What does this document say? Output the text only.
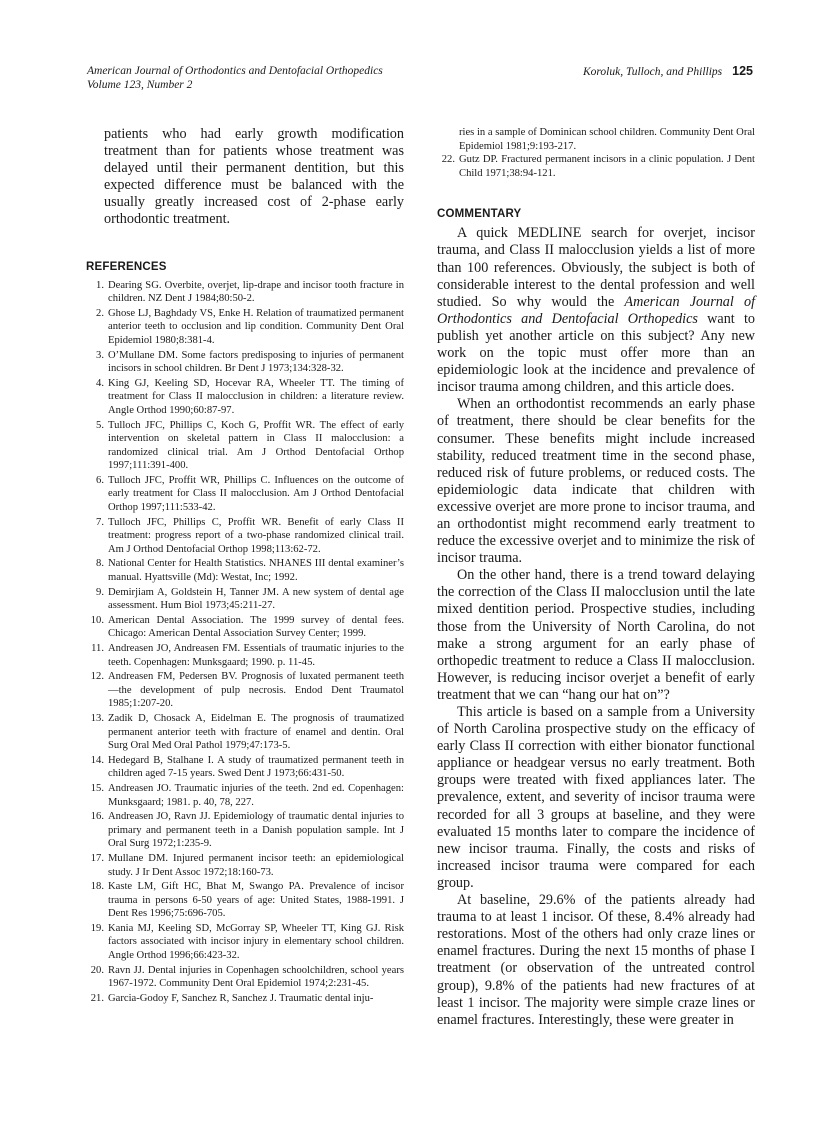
American Journal of Orthodontics and Dentofacial Orthopedics
Volume 123, Number 2
Koroluk, Tulloch, and Phillips 125

patients who had early growth modification treatment than for patients whose treatment was delayed until their permanent dentition, but this expected difference must be balanced with the usually greatly increased cost of 2-phase early orthodontic treatment.

REFERENCES
1. Dearing SG. Overbite, overjet, lip-drape and incisor tooth fracture in children. NZ Dent J 1984;80:50-2.
2. Ghose LJ, Baghdady VS, Enke H. Relation of traumatized permanent anterior teeth to occlusion and lip condition. Community Dent Oral Epidemiol 1980;8:381-4.
3. O’Mullane DM. Some factors predisposing to injuries of permanent incisors in school children. Br Dent J 1973;134:328-32.
4. King GJ, Keeling SD, Hocevar RA, Wheeler TT. The timing of treatment for Class II malocclusion in children: a literature review. Angle Orthod 1990;60:87-97.
5. Tulloch JFC, Phillips C, Koch G, Proffit WR. The effect of early intervention on skeletal pattern in Class II malocclusion: a randomized clinical trial. Am J Orthod Dentofacial Orthop 1997;111:391-400.
6. Tulloch JFC, Proffit WR, Phillips C. Influences on the outcome of early treatment for Class II malocclusion. Am J Orthod Dentofacial Orthop 1997;111:533-42.
7. Tulloch JFC, Phillips C, Proffit WR. Benefit of early Class II treatment: progress report of a two-phase randomized clinical trail. Am J Orthod Dentofacial Orthop 1998;113:62-72.
8. National Center for Health Statistics. NHANES III dental examiner’s manual. Hyattsville (Md): Westat, Inc; 1992.
9. Demirjiam A, Goldstein H, Tanner JM. A new system of dental age assessment. Hum Biol 1973;45:211-27.
10. American Dental Association. The 1999 survey of dental fees. Chicago: American Dental Association Survey Center; 1999.
11. Andreasen JO, Andreasen FM. Essentials of traumatic injuries to the teeth. Copenhagen: Munksgaard; 1990. p. 11-45.
12. Andreasen FM, Pedersen BV. Prognosis of luxated permanent teeth—the development of pulp necrosis. Endod Dent Traumatol 1985;1:207-20.
13. Zadik D, Chosack A, Eidelman E. The prognosis of traumatized permanent anterior teeth with fracture of enamel and dentin. Oral Surg Oral Med Oral Pathol 1979;47:173-5.
14. Hedegard B, Stalhane I. A study of traumatized permanent teeth in children aged 7-15 years. Swed Dent J 1973;66:431-50.
15. Andreasen JO. Traumatic injuries of the teeth. 2nd ed. Copenhagen: Munksgaard; 1981. p. 40, 78, 227.
16. Andreasen JO, Ravn JJ. Epidemiology of traumatic dental injuries to primary and permanent teeth in a Danish population sample. Int J Oral Surg 1972;1:235-9.
17. Mullane DM. Injured permanent incisor teeth: an epidemiological study. J Ir Dent Assoc 1972;18:160-73.
18. Kaste LM, Gift HC, Bhat M, Swango PA. Prevalence of incisor trauma in persons 6-50 years of age: United States, 1988-1991. J Dent Res 1996;75:696-705.
19. Kania MJ, Keeling SD, McGorray SP, Wheeler TT, King GJ. Risk factors associated with incisor injury in elementary school children. Angle Orthod 1996;66:423-32.
20. Ravn JJ. Dental injuries in Copenhagen schoolchildren, school years 1967-1972. Community Dent Oral Epidemiol 1974;2:231-45.
21. Garcia-Godoy F, Sanchez R, Sanchez J. Traumatic dental inju-
ries in a sample of Dominican school children. Community Dent Oral Epidemiol 1981;9:193-217.
22. Gutz DP. Fractured permanent incisors in a clinic population. J Dent Child 1971;38:94-121.
COMMENTARY

A quick MEDLINE search for overjet, incisor trauma, and Class II malocclusion yields a list of more than 100 references. Obviously, the subject is both of considerable interest to the dental profession and well studied. So why would the American Journal of Orthodontics and Dentofacial Orthopedics want to publish yet another article on this subject? Any new work on the topic must offer more than an epidemiologic look at the incidence and prevalence of incisor trauma among children, and this article does.

When an orthodontist recommends an early phase of treatment, there should be clear benefits for the consumer. These benefits might include increased stability, reduced treatment time in the second phase, reduced risk of future problems, or reduced costs. The epidemiologic data indicate that children with excessive overjet are more prone to incisor trauma, and an orthodontist might recommend early treatment to reduce the excessive overjet and to minimize the risk of incisor trauma.

On the other hand, there is a trend toward delaying the correction of the Class II malocclusion until the late mixed dentition period. Prospective studies, including those from the University of North Carolina, do not make a strong argument for an early phase of orthopedic treatment to reduce a Class II malocclusion. However, is reducing incisor overjet a benefit of early treatment that we can “hang our hat on”?

This article is based on a sample from a University of North Carolina prospective study on the efficacy of early Class II correction with either bionator functional appliance or headgear versus no early treatment. Both groups were treated with fixed appliances later. The prevalence, extent, and severity of incisor trauma were recorded for all 3 groups at baseline, and they were evaluated 15 months later to compare the incidence of new incisor trauma. Finally, the costs and risks of increased incisor trauma were compared for each group.

At baseline, 29.6% of the patients already had trauma to at least 1 incisor. Of these, 8.4% already had restorations. Most of the others had only craze lines or enamel fractures. During the next 15 months of phase I treatment (or observation of the untreated control group), 9.8% of the patients had new fractures of at least 1 incisor. The majority were simple craze lines or enamel fractures. Interestingly, these were greater in
